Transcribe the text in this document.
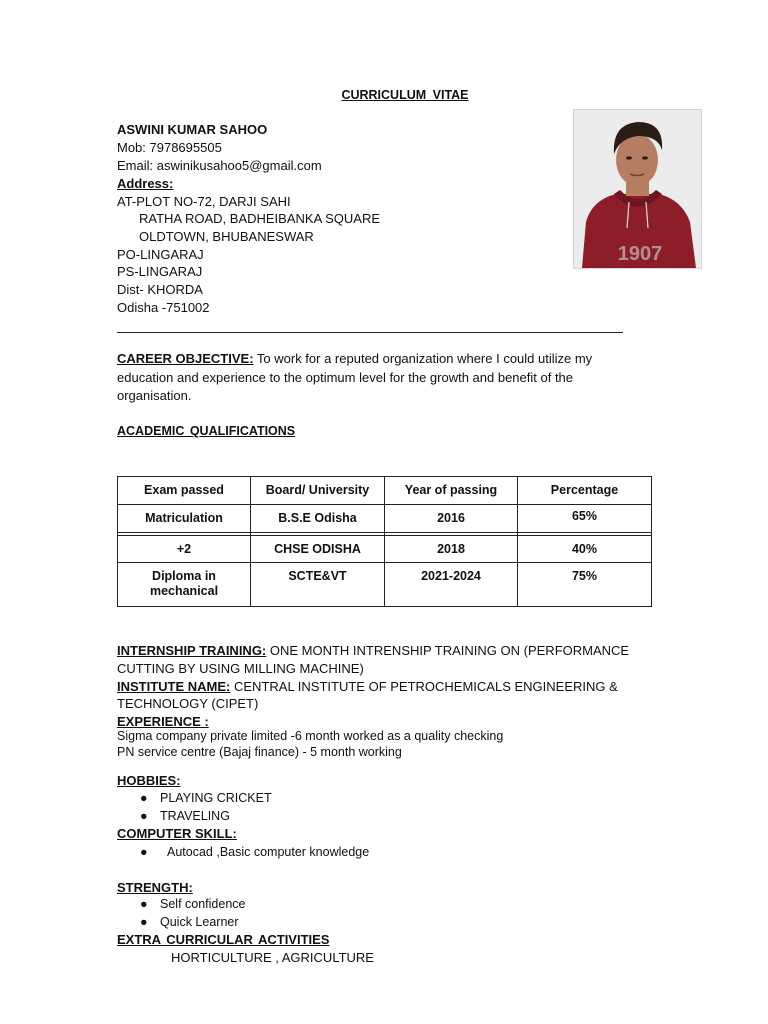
CURRICULUM VITAE
ASWINI KUMAR SAHOO
Mob: 7978695505
Email: aswinikusahoo5@gmail.com
Address:
AT-PLOT NO-72, DARJI SAHI
RATHA ROAD, BADHEIBANKA SQUARE
OLDTOWN, BHUBANESWAR
PO-LINGARAJ
PS-LINGARAJ
Dist- KHORDA
Odisha -751002
1907
CAREER OBJECTIVE: To work for a reputed organization where I could utilize my education and experience to the optimum level for the growth and benefit of the organisation.
ACADEMIC QUALIFICATIONS
Exam passed	Board/ University	Year of passing	Percentage
Matriculation	B.S.E Odisha	2016	65%

+2	CHSE ODISHA	2018	40%
Diploma in mechanical	SCTE&VT	2021-2024	75%
INTERNSHIP TRAINING: ONE MONTH INTRENSHIP TRAINING ON (PERFORMANCE
CUTTING BY USING MILLING MACHINE)
INSTITUTE NAME: CENTRAL INSTITUTE OF PETROCHEMICALS ENGINEERING &
TECHNOLOGY (CIPET)
EXPERIENCE :
Sigma company private limited -6 month worked as a quality checking
PN service centre (Bajaj finance) - 5 month working
HOBBIES:
● PLAYING CRICKET
● TRAVELING
COMPUTER SKILL:
● Autocad ,Basic computer knowledge
STRENGTH:
● Self confidence
● Quick Learner
EXTRA CURRICULAR ACTIVITIES
HORTICULTURE , AGRICULTURE
